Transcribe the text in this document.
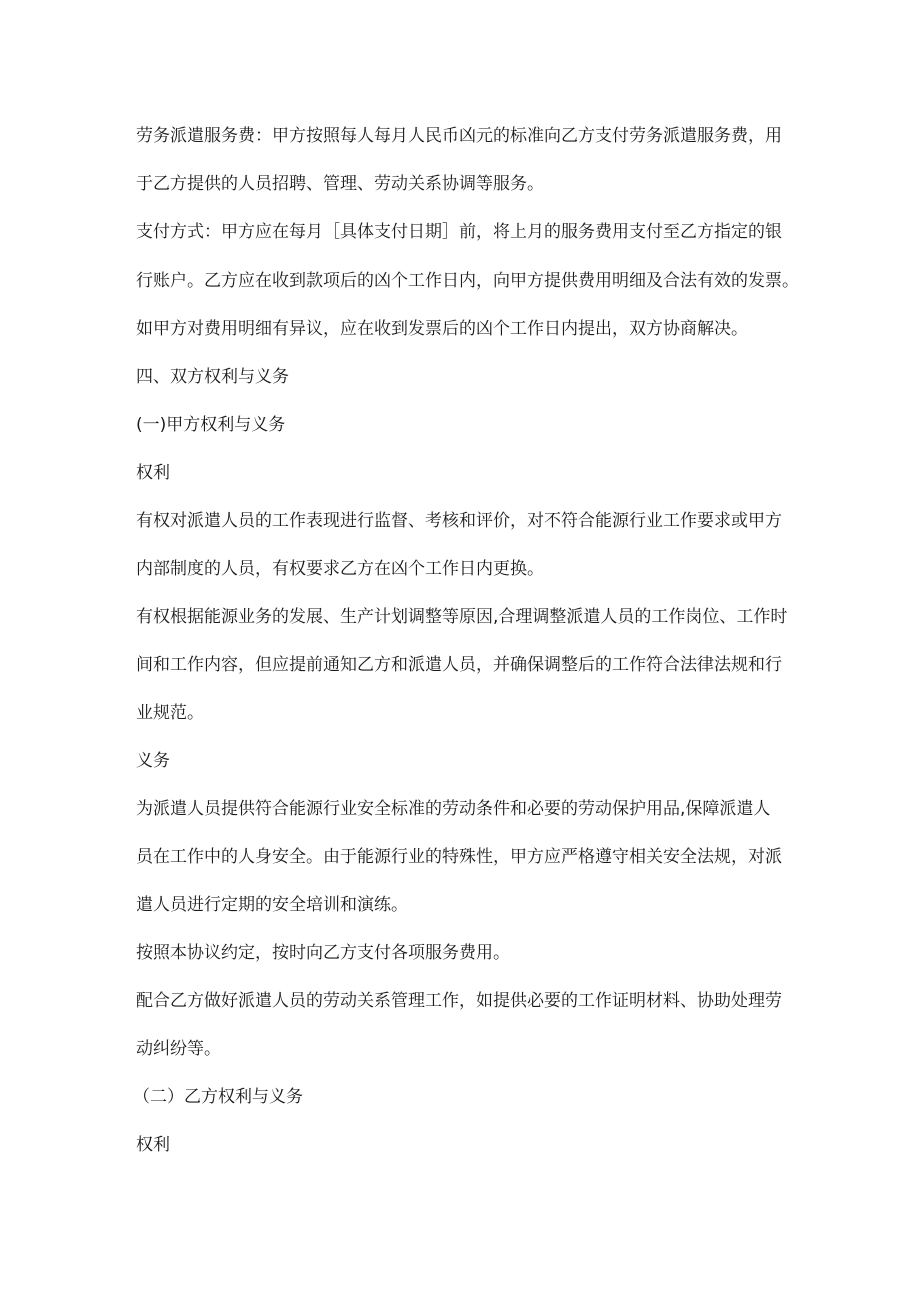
劳务派遣服务费：甲方按照每人每月人民币凶元的标准向乙方支付劳务派遣服务费，用

于乙方提供的人员招聘、管理、劳动关系协调等服务。

支付方式：甲方应在每月［具体支付日期］前，将上月的服务费用支付至乙方指定的银

行账户。乙方应在收到款项后的凶个工作日内，向甲方提供费用明细及合法有效的发票。

如甲方对费用明细有异议，应在收到发票后的凶个工作日内提出，双方协商解决。

四、双方权利与义务

(一)甲方权利与义务

权利

有权对派遣人员的工作表现进行监督、考核和评价，对不符合能源行业工作要求或甲方

内部制度的人员，有权要求乙方在凶个工作日内更换。

有权根据能源业务的发展、生产计划调整等原因,合理调整派遣人员的工作岗位、工作时

间和工作内容，但应提前通知乙方和派遣人员，并确保调整后的工作符合法律法规和行

业规范。

义务

为派遣人员提供符合能源行业安全标准的劳动条件和必要的劳动保护用品,保障派遣人

员在工作中的人身安全。由于能源行业的特殊性，甲方应严格遵守相关安全法规，对派

遣人员进行定期的安全培训和演练。

按照本协议约定，按时向乙方支付各项服务费用。

配合乙方做好派遣人员的劳动关系管理工作，如提供必要的工作证明材料、协助处理劳

动纠纷等。

（二）乙方权利与义务

权利
